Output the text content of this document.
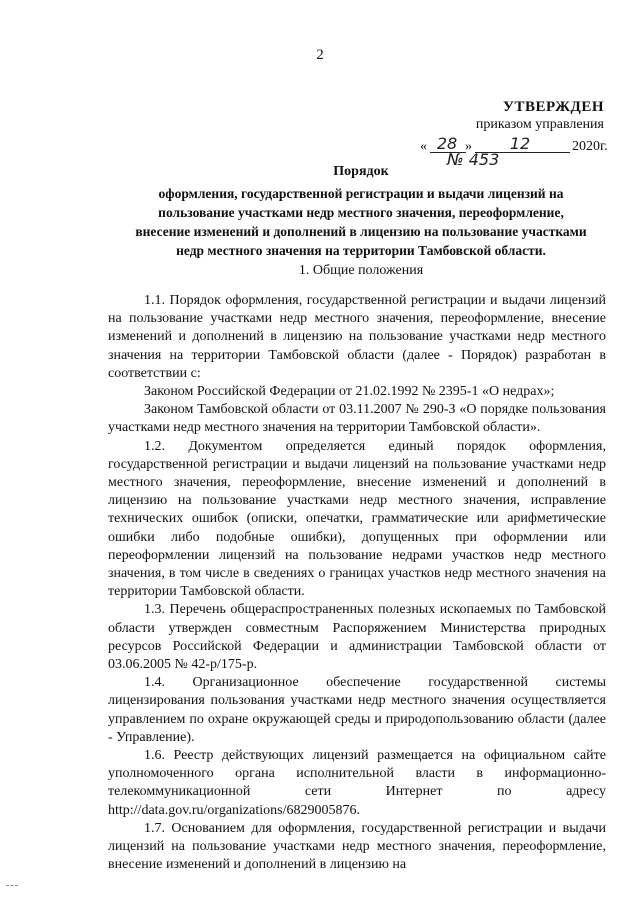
2
УТВЕРЖДЕН
приказом управления
« 28 »	12	2020г.
№ 453
Порядок
оформления, государственной регистрации и выдачи лицензий на
пользование участками недр местного значения, переоформление,
внесение изменений и дополнений в лицензию на пользование участками
недр местного значения на территории Тамбовской области.
1. Общие положения

1.1. Порядок оформления, государственной регистрации и выдачи лицензий на пользование участками недр местного значения, переоформление, внесение изменений и дополнений в лицензию на пользование участками недр местного значения на территории Тамбовской области (далее - Порядок) разработан в соответствии с:

Законом Российской Федерации от 21.02.1992 № 2395-1 «О недрах»;

Законом Тамбовской области от 03.11.2007 № 290-З «О порядке пользования участками недр местного значения на территории Тамбовской области».

1.2. Документом определяется единый порядок оформления, государственной регистрации и выдачи лицензий на пользование участками недр местного значения, переоформление, внесение изменений и дополнений в лицензию на пользование участками недр местного значения, исправление технических ошибок (описки, опечатки, грамматические или арифметические ошибки либо подобные ошибки), допущенных при оформлении или переоформлении лицензий на пользование недрами участков недр местного значения, в том числе в сведениях о границах участков недр местного значения на территории Тамбовской области.

1.3. Перечень общераспространенных полезных ископаемых по Тамбовской области утвержден совместным Распоряжением Министерства природных ресурсов Российской Федерации и администрации Тамбовской области от 03.06.2005 № 42-р/175-р.

1.4. Организационное обеспечение государственной системы лицензирования пользования участками недр местного значения осуществляется управлением по охране окружающей среды и природопользованию области (далее - Управление).

1.6. Реестр действующих лицензий размещается на официальном сайте уполномоченного органа исполнительной власти в информационно-телекоммуникационной сети Интернет по адресу http://data.gov.ru/organizations/6829005876.

1.7. Основанием для оформления, государственной регистрации и выдачи лицензий на пользование участками недр местного значения, переоформление, внесение изменений и дополнений в лицензию на
